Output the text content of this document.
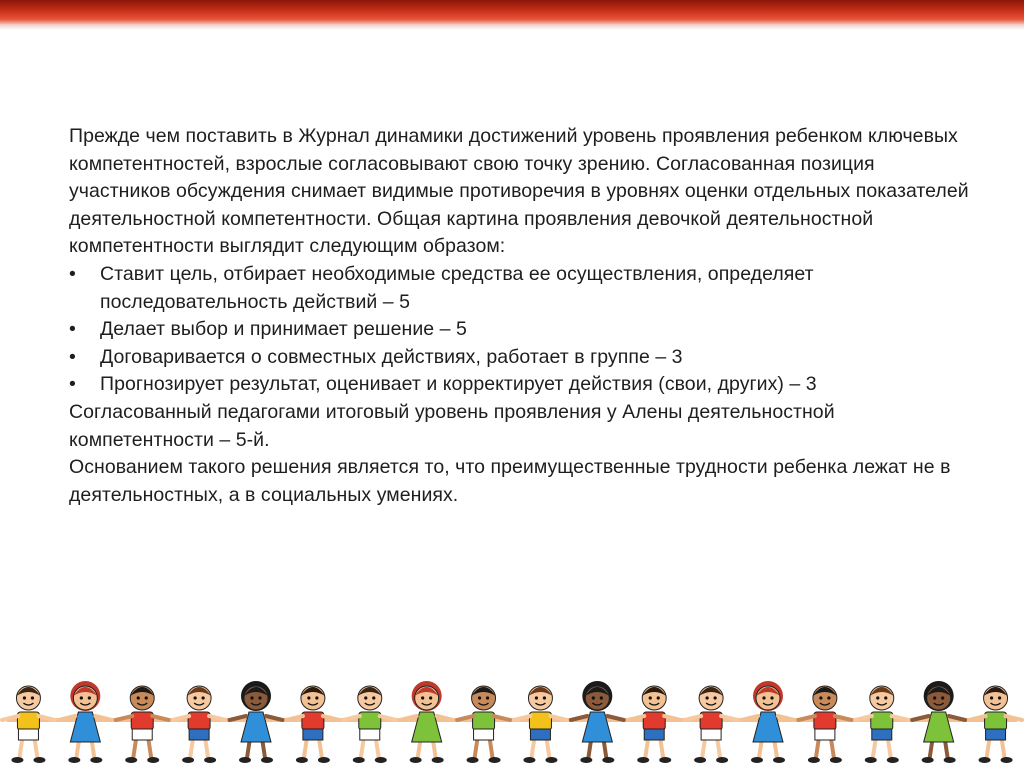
Прежде чем поставить в Журнал динамики достижений уровень проявления ребенком ключевых компетентностей, взрослые согласовывают свою точку зрению. Согласованная позиция участников обсуждения снимает видимые противоречия в уровнях оценки отдельных показателей деятельностной компетентности. Общая картина проявления девочкой деятельностной компетентности выглядит следующим образом:

•	Ставит цель, отбирает необходимые средства ее осуществления, определяет последовательность действий – 5
•	Делает выбор и принимает решение – 5
•	Договаривается о совместных действиях, работает в группе – 3
•	Прогнозирует результат, оценивает и корректирует действия (свои, других) – 3

Согласованный педагогами итоговый уровень проявления у Алены деятельностной компетентности – 5-й.

Основанием такого решения является то, что преимущественные трудности ребенка лежат не в деятельностных, а в социальных умениях.
